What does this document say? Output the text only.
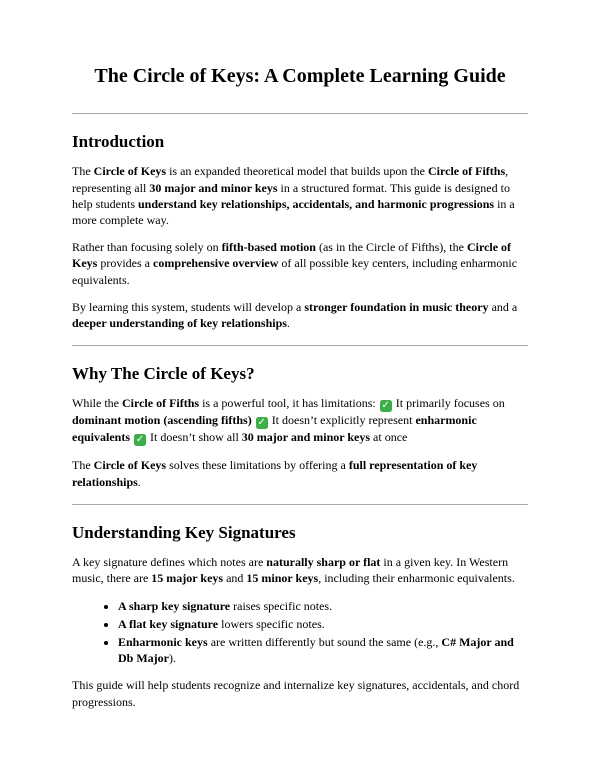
The Circle of Keys: A Complete Learning Guide
Introduction

The Circle of Keys is an expanded theoretical model that builds upon the Circle of Fifths, representing all 30 major and minor keys in a structured format. This guide is designed to help students understand key relationships, accidentals, and harmonic progressions in a more complete way.

Rather than focusing solely on fifth-based motion (as in the Circle of Fifths), the Circle of Keys provides a comprehensive overview of all possible key centers, including enharmonic equivalents.

By learning this system, students will develop a stronger foundation in music theory and a deeper understanding of key relationships.

Why The Circle of Keys?

While the Circle of Fifths is a powerful tool, it has limitations: ✓ It primarily focuses on dominant motion (ascending fifths) ✓ It doesn’t explicitly represent enharmonic equivalents ✓ It doesn’t show all 30 major and minor keys at once

The Circle of Keys solves these limitations by offering a full representation of key relationships.

Understanding Key Signatures

A key signature defines which notes are naturally sharp or flat in a given key. In Western music, there are 15 major keys and 15 minor keys, including their enharmonic equivalents.

• A sharp key signature raises specific notes.
• A flat key signature lowers specific notes.
• Enharmonic keys are written differently but sound the same (e.g., C# Major and Db Major).

This guide will help students recognize and internalize key signatures, accidentals, and chord progressions.
